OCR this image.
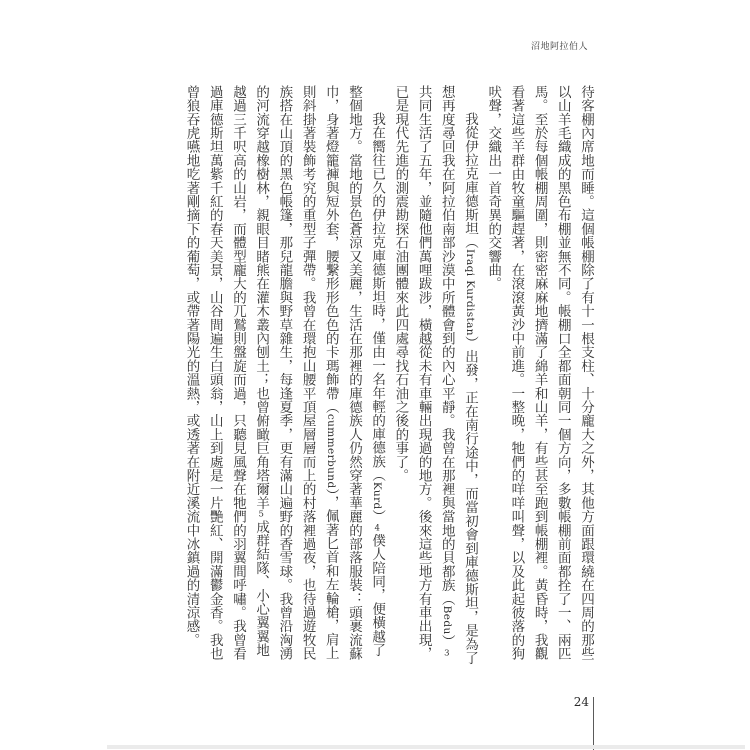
沼地阿拉伯人
待客棚內席地而睡。這個帳棚除了有十一根支柱、十分龐大之外，其他方面跟環繞在四周的那些
以山羊毛織成的黑色布棚並無不同。帳棚口全都面朝同一個方向，多數帳棚前面都拴了一、兩匹
馬。至於每個帳棚周圍，則密密麻麻地擠滿了綿羊和山羊，有些甚至跑到帳棚裡。黃昏時，我觀
看著這些羊群由牧童驅趕著，在滾滾黃沙中前進。一整晚，牠們的咩咩叫聲，以及此起彼落的狗
吠聲，交織出一首奇異的交響曲。
我從伊拉克庫德斯坦（Iraqi Kurdistan）出發，正在南行途中，而當初會到庫德斯坦，是為了
想再度尋回我在阿拉伯南部沙漠中所體會到的內心平靜。我曾在那裡與當地的貝都族（Bedu）3
共同生活了五年，並隨他們萬哩跋涉，橫越從未有車輛出現過的地方。後來這些地方有車出現，
已是現代先進的測震勘探石油團體來此四處尋找石油之後的事了。
我在嚮往已久的伊拉克庫德斯坦時，僅由一名年輕的庫德族（Kurd）4僕人陪同，便橫越了
整個地方。當地的景色蒼涼又美麗，生活在那裡的庫德族人仍然穿著華麗的部落服裝：頭裹流蘇
巾，身著燈籠褲與短外套，腰繫形形色色的卡瑪飾帶（cummerbund），佩著匕首和左輪槍，肩上
則斜掛著裝飾考究的重型子彈帶。我曾在環抱山腰平頂屋層層而上的村落裡過夜，也待過遊牧民
族搭在山頂的黑色帳篷，那兒龍膽與野草雜生，每逢夏季，更有滿山遍野的香雪球。我曾沿洶湧
的河流穿越橡樹林，親眼目睹熊在灌木叢內刨土；也曾俯瞰巨角塔爾羊5成群結隊、小心翼翼地
越過三千呎高的山岩，而體型龐大的兀鷲則盤旋而過，只聽見風聲在牠們的羽翼間呼嘯。我曾看
過庫德斯坦萬紫千紅的春天美景，山谷間遍生白頭翁，山上到處是一片艷紅、開滿鬱金香。我也
曾狼吞虎嚥地吃著剛摘下的葡萄，或帶著陽光的溫熱，或透著在附近溪流中冰鎮過的清涼感。
24
